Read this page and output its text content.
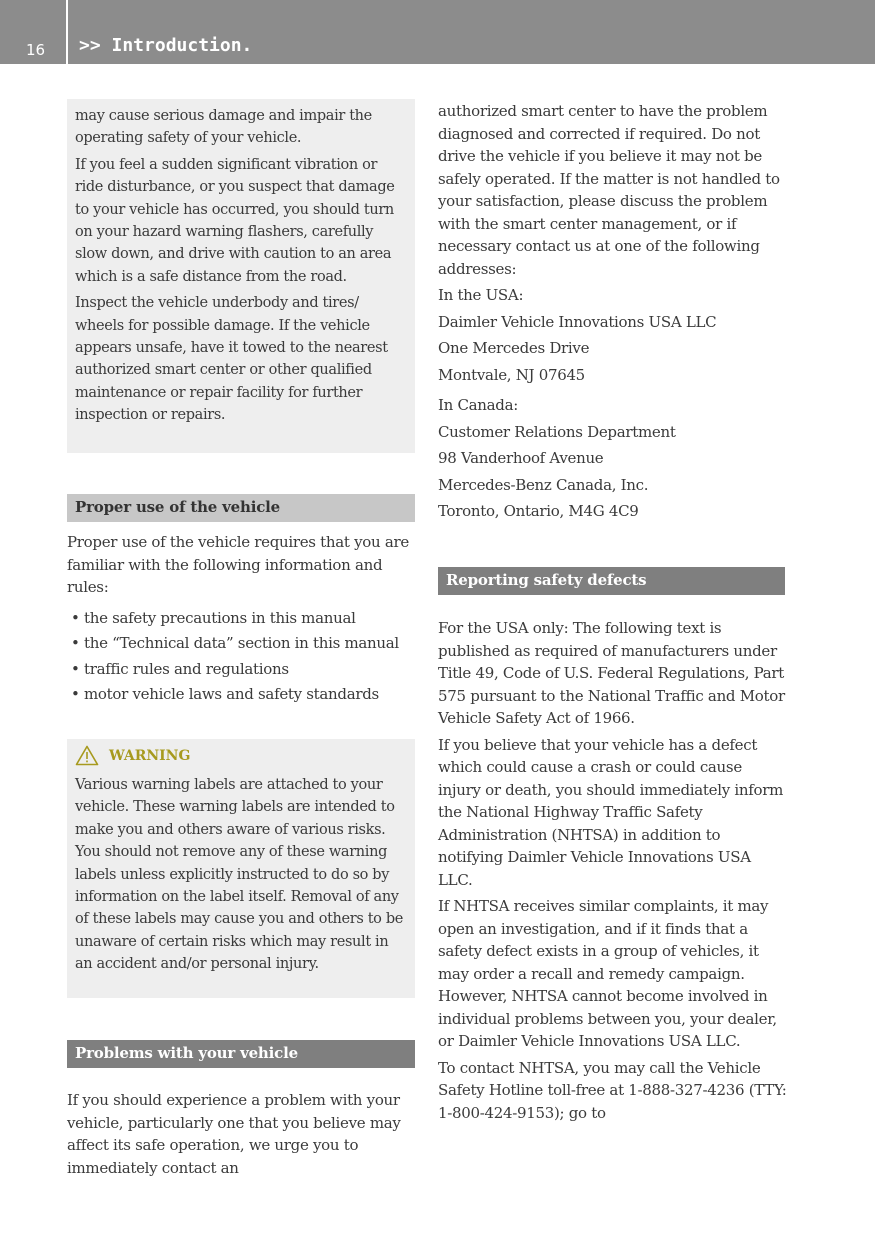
16 >> Introduction.

may cause serious damage and impair the operating safety of your vehicle.

If you feel a sudden significant vibration or ride disturbance, or you suspect that damage to your vehicle has occurred, you should turn on your hazard warning flashers, carefully slow down, and drive with caution to an area which is a safe distance from the road.

Inspect the vehicle underbody and tires/ wheels for possible damage. If the vehicle appears unsafe, have it towed to the nearest authorized smart center or other qualified maintenance or repair facility for further inspection or repairs.

Proper use of the vehicle

Proper use of the vehicle requires that you are familiar with the following information and rules:

• the safety precautions in this manual
• the “Technical data” section in this manual
• traffic rules and regulations
• motor vehicle laws and safety standards
WARNING

Various warning labels are attached to your vehicle. These warning labels are intended to make you and others aware of various risks. You should not remove any of these warning labels unless explicitly instructed to do so by information on the label itself. Removal of any of these labels may cause you and others to be unaware of certain risks which may result in an accident and/or personal injury.

Problems with your vehicle

If you should experience a problem with your vehicle, particularly one that you believe may affect its safe operation, we urge you to immediately contact an

authorized smart center to have the problem diagnosed and corrected if required. Do not drive the vehicle if you believe it may not be safely operated. If the matter is not handled to your satisfaction, please discuss the problem with the smart center management, or if necessary contact us at one of the following addresses:

In the USA:

Daimler Vehicle Innovations USA LLC

One Mercedes Drive

Montvale, NJ 07645

In Canada:

Customer Relations Department

98 Vanderhoof Avenue

Mercedes-Benz Canada, Inc.

Toronto, Ontario, M4G 4C9

Reporting safety defects

For the USA only: The following text is published as required of manufacturers under Title 49, Code of U.S. Federal Regulations, Part 575 pursuant to the National Traffic and Motor Vehicle Safety Act of 1966.

If you believe that your vehicle has a defect which could cause a crash or could cause injury or death, you should immediately inform the National Highway Traffic Safety Administration (NHTSA) in addition to notifying Daimler Vehicle Innovations USA LLC.

If NHTSA receives similar complaints, it may open an investigation, and if it finds that a safety defect exists in a group of vehicles, it may order a recall and remedy campaign. However, NHTSA cannot become involved in individual problems between you, your dealer, or Daimler Vehicle Innovations USA LLC.

To contact NHTSA, you may call the Vehicle Safety Hotline toll-free at 1-888-327-4236 (TTY: 1-800-424-9153); go to
